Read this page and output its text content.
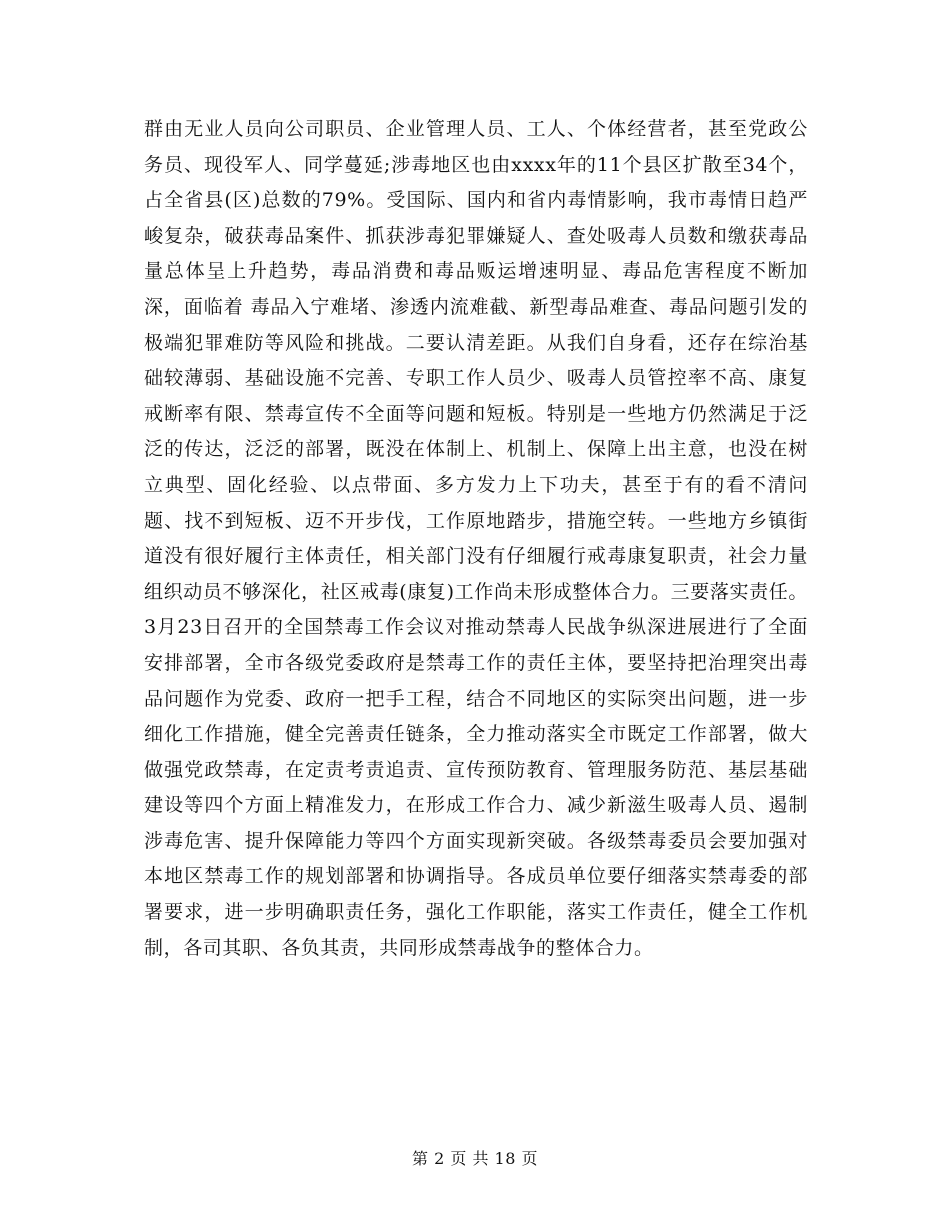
群由无业人员向公司职员、企业管理人员、工人、个体经营者，甚至党政公务员、现役军人、同学蔓延;涉毒地区也由xxxx年的11个县区扩散至34个，占全省县(区)总数的79%。受国际、国内和省内毒情影响，我市毒情日趋严峻复杂，破获毒品案件、抓获涉毒犯罪嫌疑人、查处吸毒人员数和缴获毒品量总体呈上升趋势，毒品消费和毒品贩运增速明显、毒品危害程度不断加深，面临着 毒品入宁难堵、渗透内流难截、新型毒品难查、毒品问题引发的极端犯罪难防等风险和挑战。二要认清差距。从我们自身看，还存在综治基础较薄弱、基础设施不完善、专职工作人员少、吸毒人员管控率不高、康复戒断率有限、禁毒宣传不全面等问题和短板。特别是一些地方仍然满足于泛泛的传达，泛泛的部署，既没在体制上、机制上、保障上出主意，也没在树立典型、固化经验、以点带面、多方发力上下功夫，甚至于有的看不清问题、找不到短板、迈不开步伐，工作原地踏步，措施空转。一些地方乡镇街道没有很好履行主体责任，相关部门没有仔细履行戒毒康复职责，社会力量组织动员不够深化，社区戒毒(康复)工作尚未形成整体合力。三要落实责任。3月23日召开的全国禁毒工作会议对推动禁毒人民战争纵深进展进行了全面安排部署，全市各级党委政府是禁毒工作的责任主体，要坚持把治理突出毒品问题作为党委、政府一把手工程，结合不同地区的实际突出问题，进一步细化工作措施，健全完善责任链条，全力推动落实全市既定工作部署，做大做强党政禁毒，在定责考责追责、宣传预防教育、管理服务防范、基层基础建设等四个方面上精准发力，在形成工作合力、减少新滋生吸毒人员、遏制涉毒危害、提升保障能力等四个方面实现新突破。各级禁毒委员会要加强对本地区禁毒工作的规划部署和协调指导。各成员单位要仔细落实禁毒委的部署要求，进一步明确职责任务，强化工作职能，落实工作责任，健全工作机制，各司其职、各负其责，共同形成禁毒战争的整体合力。

第 2 页 共 18 页
